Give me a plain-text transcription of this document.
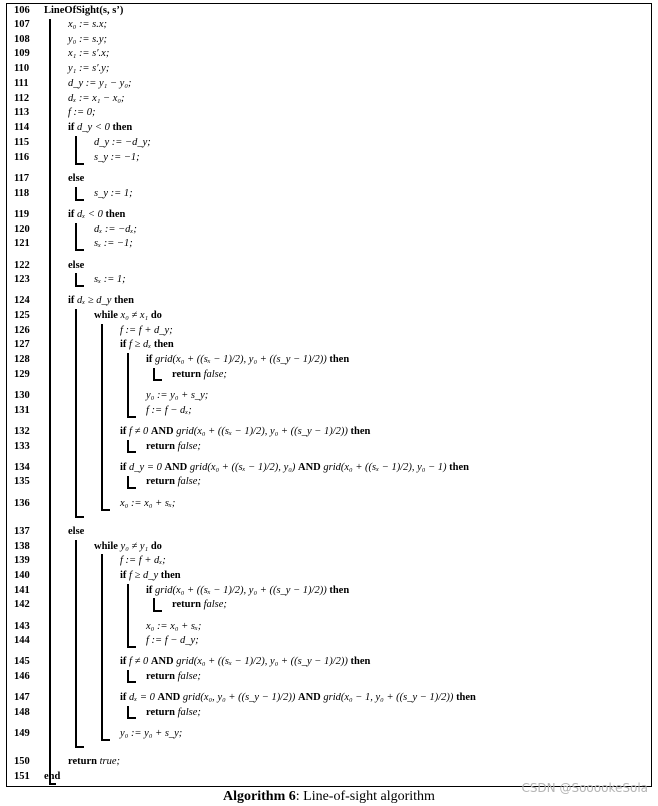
106	LineOfSight(s, s’)
107	x₀ := s.x;
108	y₀ := s.y;
109	x₁ := s′.x;
110	y₁ := s′.y;
111	d_y := y₁ − y₀;
112	dₓ := x₁ − x₀;
113	f := 0;
114	if d_y < 0 then
115	d_y := −d_y;
116	s_y := −1;
117	else
118	s_y := 1;
119	if dₓ < 0 then
120	dₓ := −dₓ;
121	sₓ := −1;
122	else
123	sₓ := 1;
124	if dₓ ≥ d_y then
125	while x₀ ≠ x₁ do
126	f := f + d_y;
127	if f ≥ dₓ then
128	if grid(x₀ + ((sₓ − 1)/2), y₀ + ((s_y − 1)/2)) then
129	return false;
130	y₀ := y₀ + s_y;
131	f := f − dₓ;
132	if f ≠ 0 AND grid(x₀ + ((sₓ − 1)/2), y₀ + ((s_y − 1)/2)) then
133	return false;
134	if d_y = 0 AND grid(x₀ + ((sₓ − 1)/2), y₀) AND grid(x₀ + ((sₓ − 1)/2), y₀ − 1) then
135	return false;
136	x₀ := x₀ + sₓ;
137	else
138	while y₀ ≠ y₁ do
139	f := f + dₓ;
140	if f ≥ d_y then
141	if grid(x₀ + ((sₓ − 1)/2), y₀ + ((s_y − 1)/2)) then
142	return false;
143	x₀ := x₀ + sₓ;
144	f := f − d_y;
145	if f ≠ 0 AND grid(x₀ + ((sₓ − 1)/2), y₀ + ((s_y − 1)/2)) then
146	return false;
147	if dₓ = 0 AND grid(x₀, y₀ + ((s_y − 1)/2)) AND grid(x₀ − 1, y₀ + ((s_y − 1)/2)) then
148	return false;
149	y₀ := y₀ + s_y;
150	return true;
151	end
Algorithm 6: Line-of-sight algorithm
CSDN @SooookeSola
